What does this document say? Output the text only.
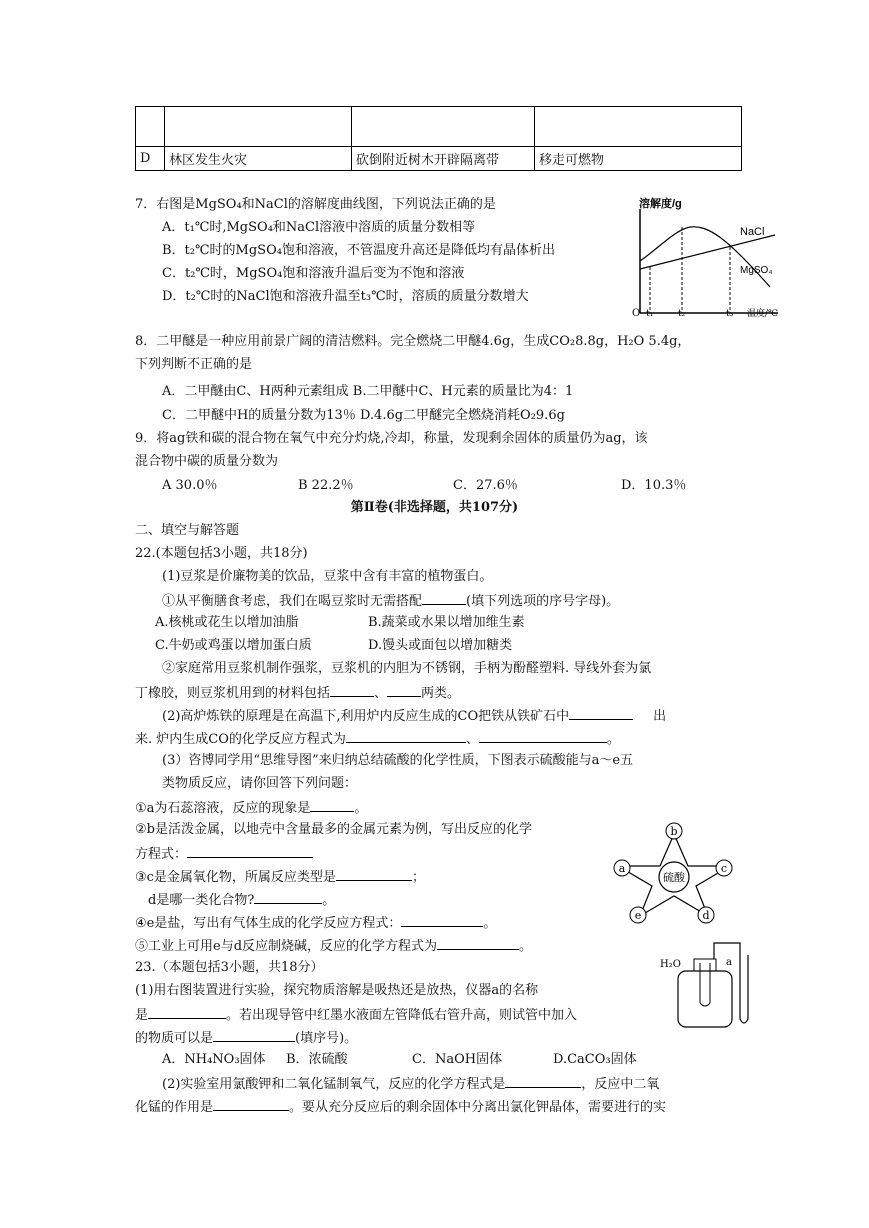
D	林区发生火灾	砍倒附近树木开辟隔离带	移走可燃物
7．右图是MgSO₄和NaCl的溶解度曲线图，下列说法正确的是
A．t₁℃时,MgSO₄和NaCl溶液中溶质的质量分数相等
B．t₂℃时的MgSO₄饱和溶液，不管温度升高还是降低均有晶体析出
C．t₂℃时，MgSO₄饱和溶液升温后变为不饱和溶液
D．t₂℃时的NaCl饱和溶液升温至t₃℃时，溶质的质量分数增大
溶解度/g
NaCl
MgSO₄
O t₁	t₂	t₃ 温度/℃
8．二甲醚是一种应用前景广阔的清洁燃料。完全燃烧二甲醚4.6g，生成CO₂8.8g，H₂O 5.4g，
下列判断不正确的是
A．二甲醚由C、H两种元素组成 B.二甲醚中C、H元素的质量比为4：1
C．二甲醚中H的质量分数为13％ D.4.6g二甲醚完全燃烧消耗O₂9.6g
9．将ag铁和碳的混合物在氧气中充分灼烧,冷却，称量，发现剩余固体的质量仍为ag，该
混合物中碳的质量分数为
A 30.0％	B 22.2％	C．27.6％	D．10.3％
第Ⅱ卷(非选择题，共107分)
二、填空与解答题
22.(本题包括3小题，共18分)
(1)豆浆是价廉物美的饮品，豆浆中含有丰富的植物蛋白。
①从平衡膳食考虑，我们在喝豆浆时无需搭配	(填下列选项的序号字母)。
A.核桃或花生以增加油脂	B.蔬菜或水果以增加维生素
C.牛奶或鸡蛋以增加蛋白质	D.馒头或面包以增加糖类
②家庭常用豆浆机制作强浆，豆浆机的内胆为不锈钢，手柄为酚醛塑料. 导线外套为氯
丁橡胶，则豆浆机用到的材料包括	、	两类。
(2)高炉炼铁的原理是在高温下,利用炉内反应生成的CO把铁从铁矿石中	出
来. 炉内生成CO的化学反应方程式为	、	。
(3）咨博同学用“思维导图”来归纳总结硫酸的化学性质，下图表示硫酸能与a～e五
类物质反应，请你回答下列问题：
①a为石蕊溶液，反应的现象是	。
②b是活泼金属，以地壳中含量最多的金属元素为例，写出反应的化学
方程式：
③c是金属氧化物，所属反应类型是	；
d是哪一类化合物?	。
④e是盐，写出有气体生成的化学反应方程式：	。
⑤工业上可用e与d反应制烧碱，反应的化学方程式为	。
硫酸
b
a	c
e	d
23.（本题包括3小题，共18分）
(1)用右图装置进行实验，探究物质溶解是吸热还是放热，仪器a的名称
是	。若出现导管中红墨水液面左管降低右管升高，则试管中加入
的物质可以是	(填序号)。
A．NH₄NO₃固体 B．浓硫酸	C．NaOH固体	D.CaCO₃固体
(2)实验室用氯酸钾和二氧化锰制氧气，反应的化学方程式是	，反应中二氧
化锰的作用是	。要从充分反应后的剩余固体中分离出氯化钾晶体，需要进行的实
H₂O	a
